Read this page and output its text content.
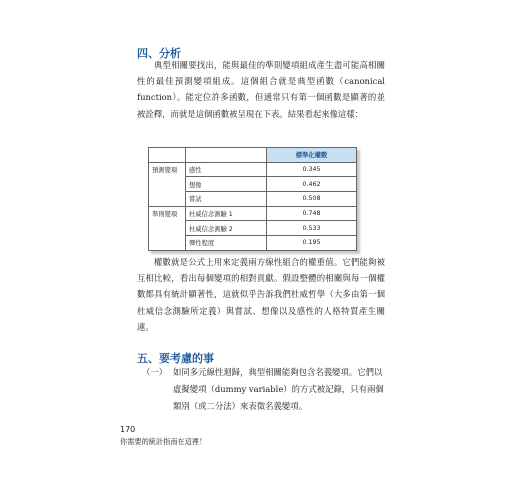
四、分析

典型相關要找出，能與最佳的準則變項組成產生盡可能高相關性的最佳預測變項組成。這個組合就是典型函數（canonical function）。能定位許多函數，但通常只有第一個函數是顯著的並被詮釋，而就是這個函數被呈現在下表。結果看起來像這樣：

		標準化權數
預測變項	感性	0.345
	想像	0.462
	嘗試	0.508
準則變項	杜威信念測驗 1	0.748
	杜威信念測驗 2	0.533
	彈性程度	0.195

權數就是公式上用來定義兩方線性組合的權重值。它們能夠被互相比較，看出每個變項的相對貢獻。假設整體的相關與每一個權數都具有統計顯著性，這就似乎告訴我們杜威哲學（大多由第一個杜威信念測驗所定義）與嘗試、想像以及感性的人格特質產生關連。

五、要考慮的事
（一） 如同多元線性迴歸，典型相關能夠包含名義變項。它們以虛擬變項（dummy variable）的方式被記錄，只有兩個類別（或二分法）來表徵名義變項。
170
你需要的統計指南在這裡！
